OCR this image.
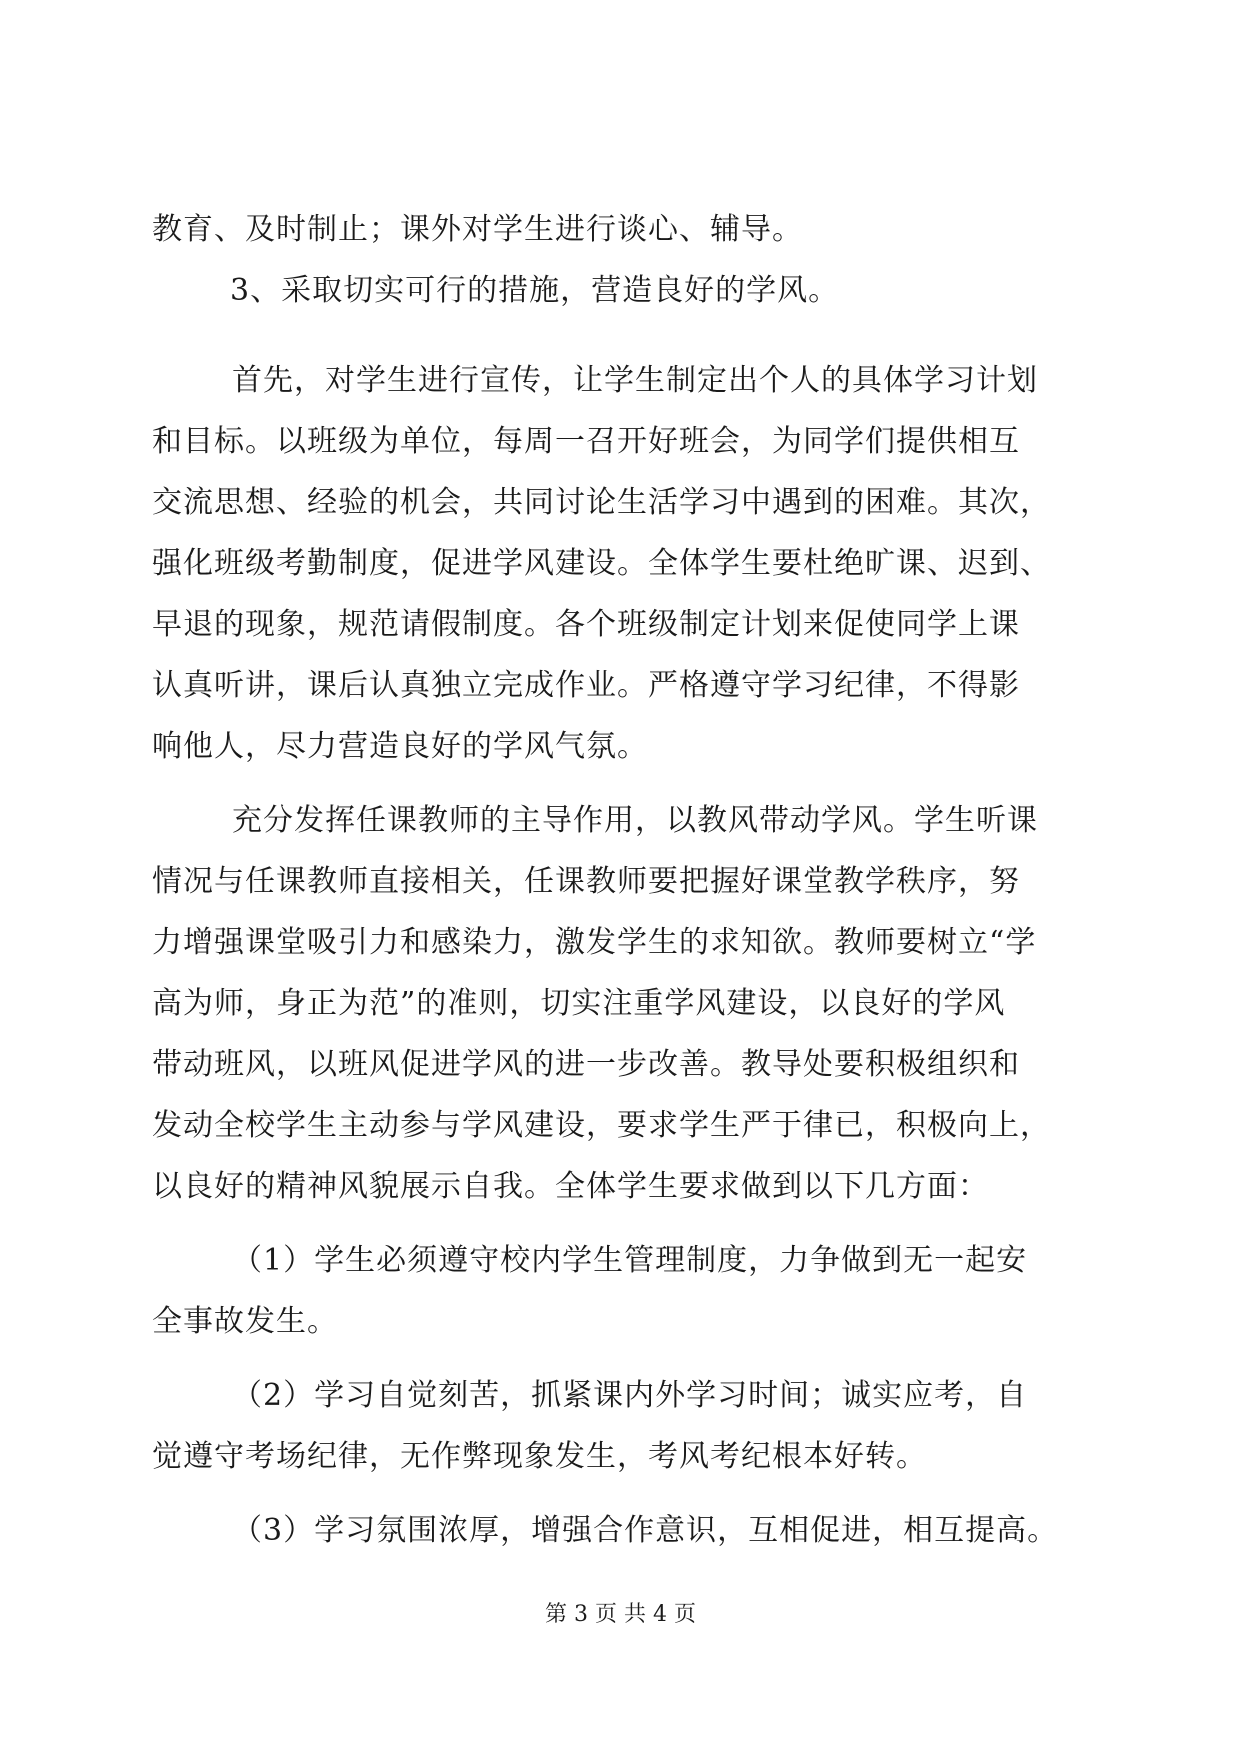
教育、及时制止；课外对学生进行谈心、辅导。
3、采取切实可行的措施，营造良好的学风。
首先，对学生进行宣传，让学生制定出个人的具体学习计划
和目标。以班级为单位，每周一召开好班会，为同学们提供相互
交流思想、经验的机会，共同讨论生活学习中遇到的困难。其次，
强化班级考勤制度，促进学风建设。全体学生要杜绝旷课、迟到、
早退的现象，规范请假制度。各个班级制定计划来促使同学上课
认真听讲，课后认真独立完成作业。严格遵守学习纪律，不得影
响他人，尽力营造良好的学风气氛。
充分发挥任课教师的主导作用，以教风带动学风。学生听课
情况与任课教师直接相关，任课教师要把握好课堂教学秩序，努
力增强课堂吸引力和感染力，激发学生的求知欲。教师要树立“学
高为师，身正为范”的准则，切实注重学风建设，以良好的学风
带动班风，以班风促进学风的进一步改善。教导处要积极组织和
发动全校学生主动参与学风建设，要求学生严于律已，积极向上，
以良好的精神风貌展示自我。全体学生要求做到以下几方面：
（1）学生必须遵守校内学生管理制度，力争做到无一起安
全事故发生。
（2）学习自觉刻苦，抓紧课内外学习时间；诚实应考，自
觉遵守考场纪律，无作弊现象发生，考风考纪根本好转。
（3）学习氛围浓厚，增强合作意识，互相促进，相互提高。
第 3 页 共 4 页
